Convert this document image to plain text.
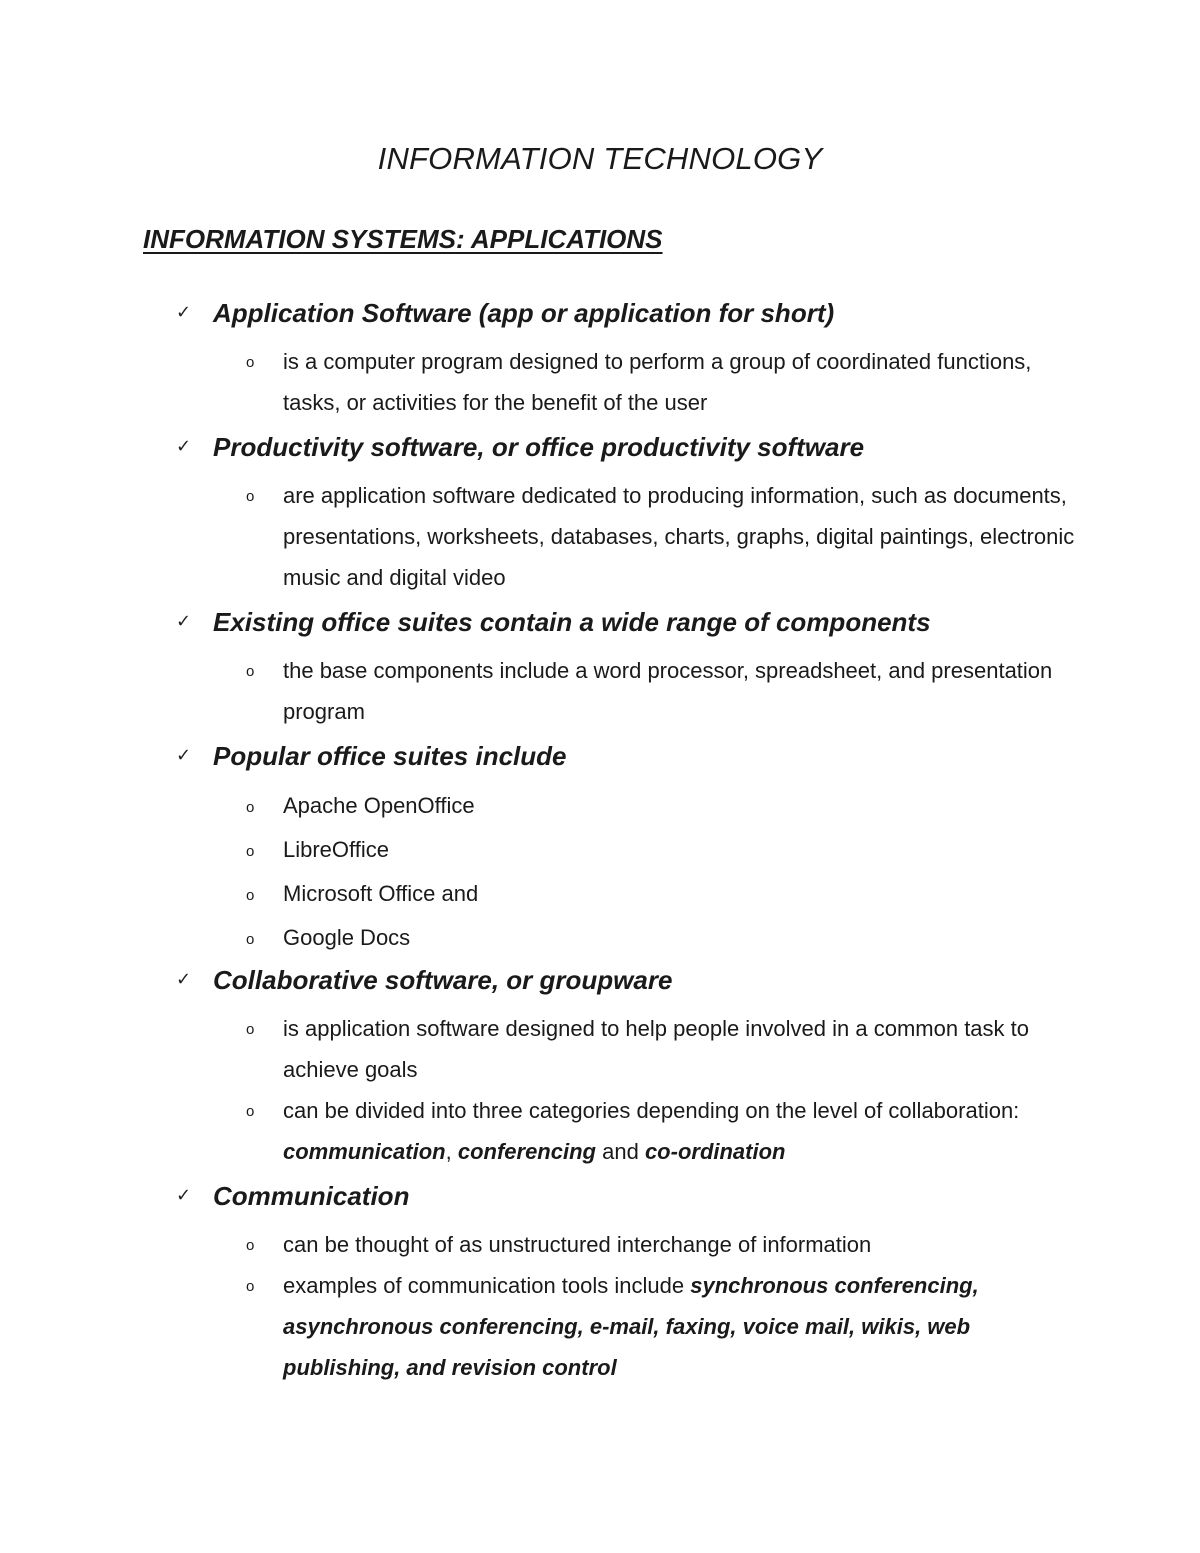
INFORMATION TECHNOLOGY
INFORMATION SYSTEMS: APPLICATIONS
✓ Application Software (app or application for short)
o is a computer program designed to perform a group of coordinated functions, tasks, or activities for the benefit of the user
✓ Productivity software, or office productivity software
o are application software dedicated to producing information, such as documents, presentations, worksheets, databases, charts, graphs, digital paintings, electronic music and digital video
✓ Existing office suites contain a wide range of components
o the base components include a word processor, spreadsheet, and presentation program
✓ Popular office suites include
o Apache OpenOffice
o LibreOffice
o Microsoft Office and
o Google Docs
✓ Collaborative software, or groupware
o is application software designed to help people involved in a common task to achieve goals
o can be divided into three categories depending on the level of collaboration: communication, conferencing and co-ordination
✓ Communication
o can be thought of as unstructured interchange of information
o examples of communication tools include synchronous conferencing, asynchronous conferencing, e-mail, faxing, voice mail, wikis, web publishing, and revision control
